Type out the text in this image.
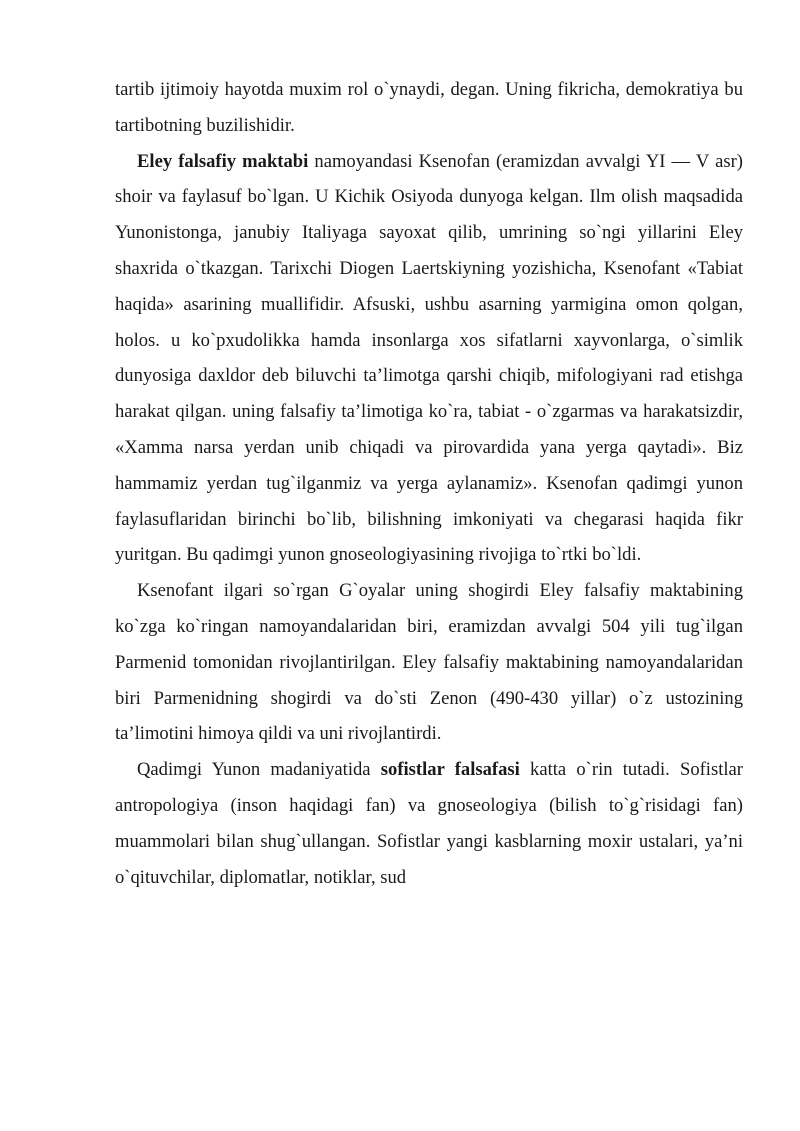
tartib ijtimoiy hayotda muxim rol o`ynaydi, degan. Uning fikricha, demokratiya bu tartibotning buzilishidir.

Eley falsafiy maktabi namoyandasi Ksenofan (eramizdan avvalgi YI — V asr) shoir va faylasuf bo`lgan. U Kichik Osiyoda dunyoga kelgan. Ilm olish maqsadida Yunonistonga, janubiy Italiyaga sayoxat qilib, umrining so`ngi yillarini Eley shaxrida o`tkazgan. Tarixchi Diogen Laertskiyning yozishicha, Ksenofant «Tabiat haqida» asarining muallifidir. Afsuski, ushbu asarning yarmigina omon qolgan, holos. u ko`pxudolikka hamda insonlarga xos sifatlarni xayvonlarga, o`simlik dunyosiga daxldor deb biluvchi ta’limotga qarshi chiqib, mifologiyani rad etishga harakat qilgan. uning falsafiy ta’limotiga ko`ra, tabiat - o`zgarmas va harakatsizdir, «Xamma narsa yerdan unib chiqadi va pirovardida yana yerga qaytadi». Biz hammamiz yerdan tug`ilganmiz va yerga aylanamiz». Ksenofan qadimgi yunon faylasuflaridan birinchi bo`lib, bilishning imkoniyati va chegarasi haqida fikr yuritgan. Bu qadimgi yunon gnoseologiyasining rivojiga to`rtki bo`ldi.

Ksenofant ilgari so`rgan G`oyalar uning shogirdi Eley falsafiy maktabining ko`zga ko`ringan namoyandalaridan biri, eramizdan avvalgi 504 yili tug`ilgan Parmenid tomonidan rivojlantirilgan. Eley falsafiy maktabining namoyandalaridan biri Parmenidning shogirdi va do`sti Zenon (490-430 yillar) o`z ustozining ta’limotini himoya qildi va uni rivojlantirdi.

Qadimgi Yunon madaniyatida sofistlar falsafasi katta o`rin tutadi. Sofistlar antropologiya (inson haqidagi fan) va gnoseologiya (bilish to`g`risidagi fan) muammolari bilan shug`ullangan. Sofistlar yangi kasblarning moxir ustalari, ya’ni o`qituvchilar, diplomatlar, notiklar, sud
